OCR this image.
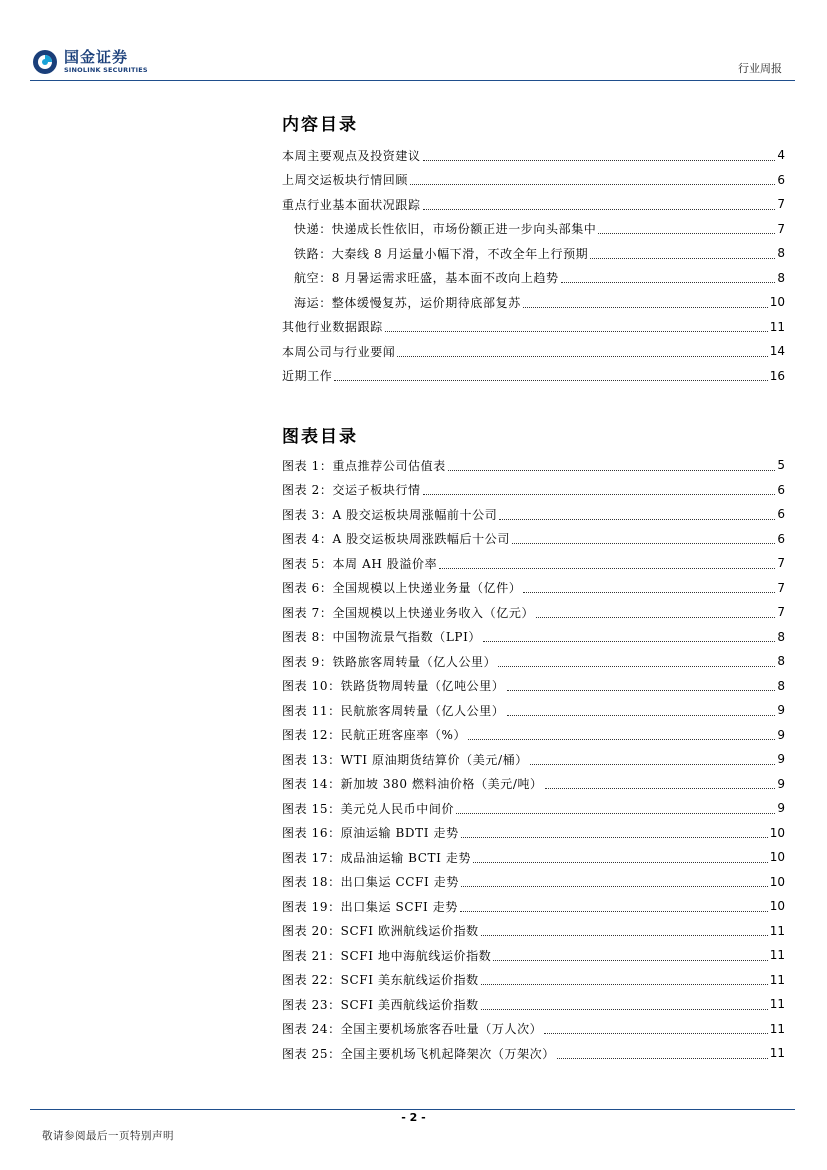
国金证券
SINOLINK SECURITIES	行业周报
内容目录
本周主要观点及投资建议	4
上周交运板块行情回顾	6
重点行业基本面状况跟踪	7
快递：快递成长性依旧，市场份额正进一步向头部集中	7
铁路：大秦线 8 月运量小幅下滑，不改全年上行预期	8
航空：8 月暑运需求旺盛，基本面不改向上趋势	8
海运：整体缓慢复苏，运价期待底部复苏	10
其他行业数据跟踪	11
本周公司与行业要闻	14
近期工作	16
图表目录
图表 1：重点推荐公司估值表	5
图表 2：交运子板块行情	6
图表 3：A 股交运板块周涨幅前十公司	6
图表 4：A 股交运板块周涨跌幅后十公司	6
图表 5：本周 AH 股溢价率	7
图表 6：全国规模以上快递业务量（亿件）	7
图表 7：全国规模以上快递业务收入（亿元）	7
图表 8：中国物流景气指数（LPI）	8
图表 9：铁路旅客周转量（亿人公里）	8
图表 10：铁路货物周转量（亿吨公里）	8
图表 11：民航旅客周转量（亿人公里）	9
图表 12：民航正班客座率（%）	9
图表 13：WTI 原油期货结算价（美元/桶）	9
图表 14：新加坡 380 燃料油价格（美元/吨）	9
图表 15：美元兑人民币中间价	9
图表 16：原油运输 BDTI 走势	10
图表 17：成品油运输 BCTI 走势	10
图表 18：出口集运 CCFI 走势	10
图表 19：出口集运 SCFI 走势	10
图表 20：SCFI 欧洲航线运价指数	11
图表 21：SCFI 地中海航线运价指数	11
图表 22：SCFI 美东航线运价指数	11
图表 23：SCFI 美西航线运价指数	11
图表 24：全国主要机场旅客吞吐量（万人次）	11
图表 25：全国主要机场飞机起降架次（万架次）	11
- 2 -
敬请参阅最后一页特别声明
